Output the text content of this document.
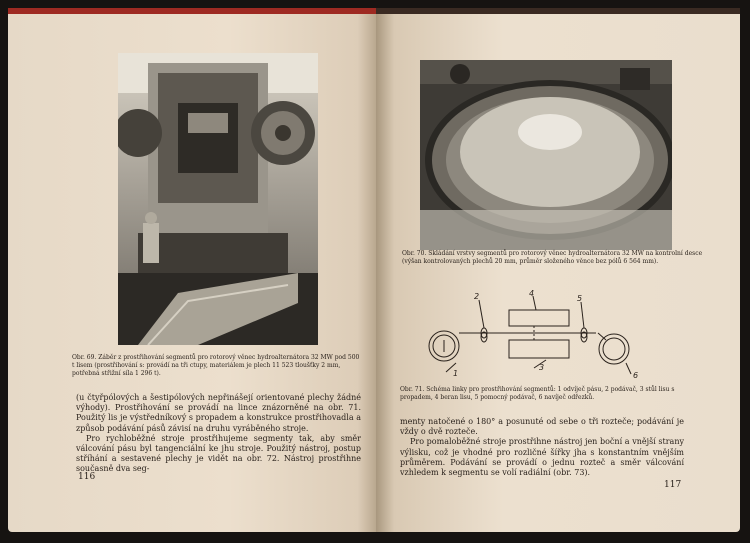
Obr. 69. Záběr z prostřihování segmentů pro rotorový věnec hydroalternátora 32 MW pod 500 t lisem (prostřihování s: provádí na tři ctupy, materiálem je plech 11 523 tloušťky 2 mm, potřebná střižní síla 1 296 t).

(u čtyřpólových a šestipólových nepřinášejí orientované plechy žádné výhody). Prostřihování se provádí na lince znázorněné na obr. 71. Použitý lis je výstředníkový s propadem a konstrukce prostřihovadla a způsob podávání pásů závisí na druhu vyráběného stroje.

Pro rychloběžné stroje prostřihujeme segmenty tak, aby směr válcování pásu byl tangenciální ke jhu stroje. Použitý nástroj, postup stříhání a sestavené plechy je vidět na obr. 72. Nástroj prostřihne současně dva seg-

116
Obr. 70. Skládání vrstvy segmentů pro rotorový věnec hydroalternátora 32 MW na kontrolní desce (výšan kontrolovaných plechů 20 mm, průměr složeného věnce bez pólů 6 564 mm).
1
2
3
4
5
6
Obr. 71. Schéma linky pro prostřihování segmentů: 1 odvíječ pásu, 2 podávač, 3 stůl lisu s propadem, 4 beran lisu, 5 pomocný podávač, 6 navíječ odřezků.

menty natočené o 180° a posunuté od sebe o tři rozteče; podávání je vždy o dvě rozteče.

Pro pomaloběžné stroje prostřihne nástroj jen boční a vnější strany výlisku, což je vhodné pro rozličné šířky jha s konstantním vnějším průměrem. Podávání se provádí o jednu rozteč a směr válcování vzhledem k segmentu se volí radiální (obr. 73).

117
